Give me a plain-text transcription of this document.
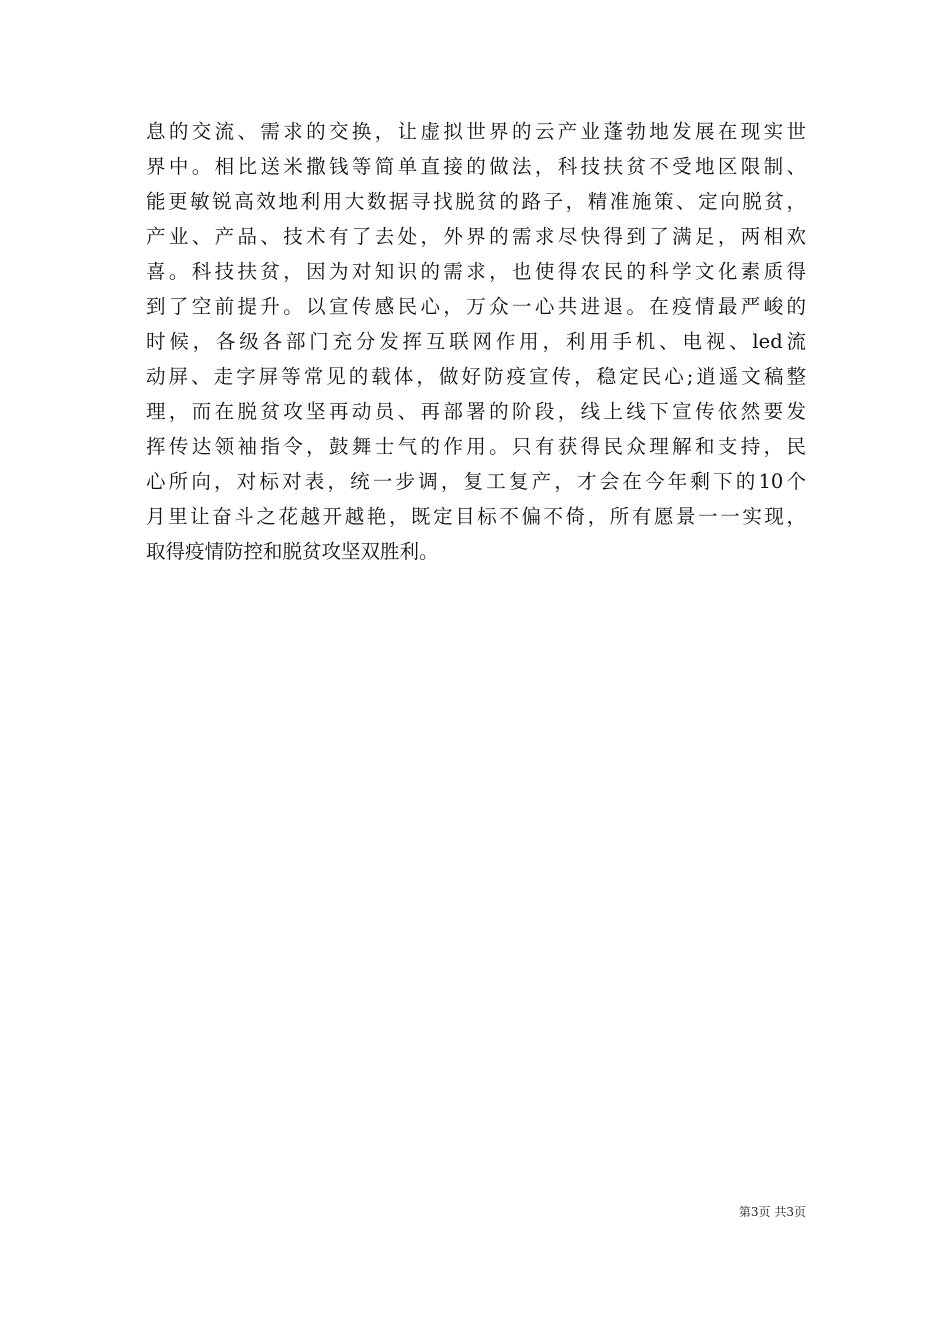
息的交流、需求的交换，让虚拟世界的云产业蓬勃地发展在现实世
界中。相比送米撒钱等简单直接的做法，科技扶贫不受地区限制、
能更敏锐高效地利用大数据寻找脱贫的路子，精准施策、定向脱贫，
产业、产品、技术有了去处，外界的需求尽快得到了满足，两相欢
喜。科技扶贫，因为对知识的需求，也使得农民的科学文化素质得
到了空前提升。以宣传感民心，万众一心共进退。在疫情最严峻的
时候，各级各部门充分发挥互联网作用，利用手机、电视、led流
动屏、走字屏等常见的载体，做好防疫宣传，稳定民心;逍遥文稿整
理，而在脱贫攻坚再动员、再部署的阶段，线上线下宣传依然要发
挥传达领袖指令，鼓舞士气的作用。只有获得民众理解和支持，民
心所向，对标对表，统一步调，复工复产，才会在今年剩下的10个
月里让奋斗之花越开越艳，既定目标不偏不倚，所有愿景一一实现，
取得疫情防控和脱贫攻坚双胜利。
第3页 共3页
